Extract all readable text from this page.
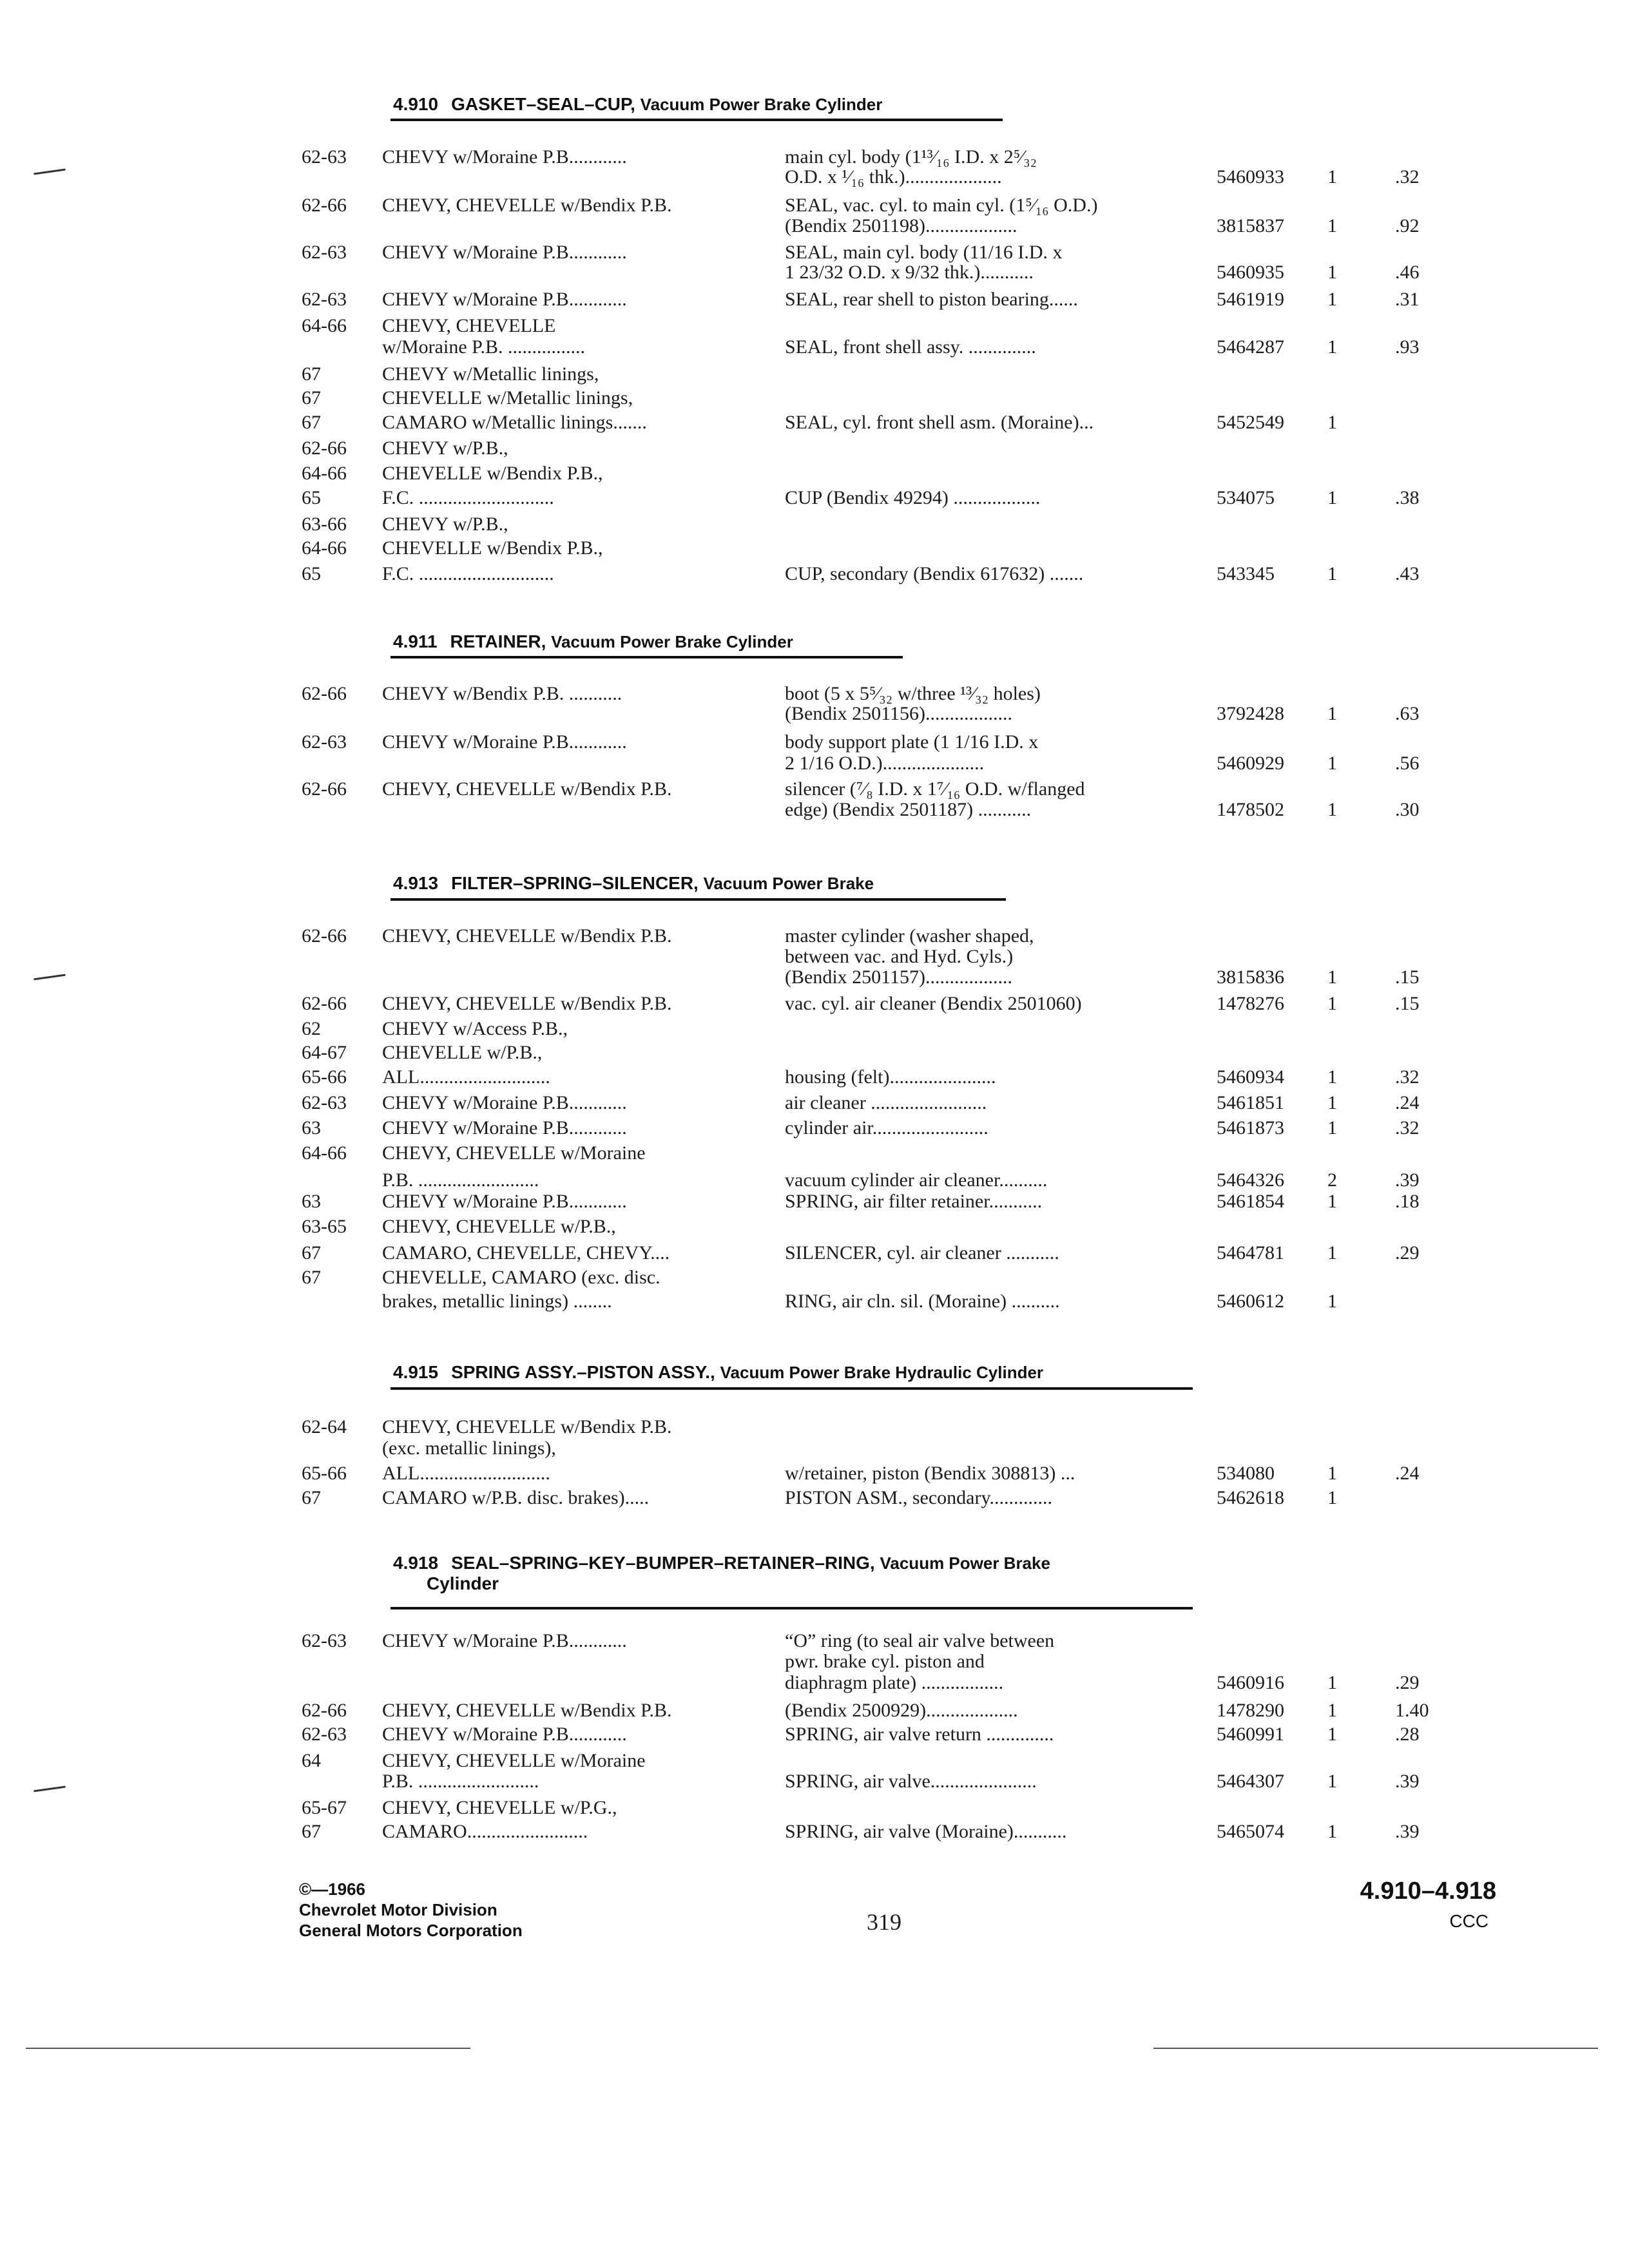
4.910 GASKET–SEAL–CUP, Vacuum Power Brake Cylinder
62-63 CHEVY w/Moraine P.B............	main cyl. body (1¹³⁄₁₆ I.D. x 2⁵⁄₃₂
O.D. x ¹⁄₁₆ thk.)....................	5460933 1	.32
62-66 CHEVY, CHEVELLE w/Bendix P.B.	SEAL, vac. cyl. to main cyl. (1⁵⁄₁₆ O.D.)
(Bendix 2501198)...................	3815837 1	.92
62-63 CHEVY w/Moraine P.B............	SEAL, main cyl. body (11/16 I.D. x
1 23/32 O.D. x 9/32 thk.)...........	5460935 1	.46
62-63 CHEVY w/Moraine P.B............	SEAL, rear shell to piston bearing......	5461919 1	.31
64-66 CHEVY, CHEVELLE
w/Moraine P.B. ................	SEAL, front shell assy. ..............	5464287 1	.93
67	CHEVY w/Metallic linings,
67	CHEVELLE w/Metallic linings,
67	CAMARO w/Metallic linings.......	SEAL, cyl. front shell asm. (Moraine)...	5452549 1
62-66 CHEVY w/P.B.,
64-66 CHEVELLE w/Bendix P.B.,
65	F.C. ............................	CUP (Bendix 49294) ..................	534075	1	.38
63-66 CHEVY w/P.B.,
64-66 CHEVELLE w/Bendix P.B.,
65	F.C. ............................	CUP, secondary (Bendix 617632) .......	543345	1	.43
4.911 RETAINER, Vacuum Power Brake Cylinder
62-66 CHEVY w/Bendix P.B. ...........	boot (5 x 5⁵⁄₃₂ w/three ¹³⁄₃₂ holes)
(Bendix 2501156)..................	3792428 1	.63
62-63 CHEVY w/Moraine P.B............	body support plate (1 1/16 I.D. x
2 1/16 O.D.).....................	5460929 1	.56
62-66 CHEVY, CHEVELLE w/Bendix P.B.	silencer (⁷⁄₈ I.D. x 1⁷⁄₁₆ O.D. w/flanged
edge) (Bendix 2501187) ...........	1478502 1	.30
4.913 FILTER–SPRING–SILENCER, Vacuum Power Brake
62-66 CHEVY, CHEVELLE w/Bendix P.B.	master cylinder (washer shaped,
between vac. and Hyd. Cyls.)
(Bendix 2501157)..................	3815836 1	.15
62-66 CHEVY, CHEVELLE w/Bendix P.B.	vac. cyl. air cleaner (Bendix 2501060)	1478276 1	.15
62	CHEVY w/Access P.B.,
64-67 CHEVELLE w/P.B.,
65-66 ALL...........................	housing (felt)......................	5460934 1	.32
62-63 CHEVY w/Moraine P.B............	air cleaner ........................	5461851 1	.24
63	CHEVY w/Moraine P.B............	cylinder air........................	5461873 1	.32
64-66 CHEVY, CHEVELLE w/Moraine
P.B. .........................	vacuum cylinder air cleaner..........	5464326 2	.39
63	CHEVY w/Moraine P.B............	SPRING, air filter retainer...........	5461854 1	.18
63-65 CHEVY, CHEVELLE w/P.B.,
67	CAMARO, CHEVELLE, CHEVY....	SILENCER, cyl. air cleaner ...........	5464781 1	.29
67	CHEVELLE, CAMARO (exc. disc.
brakes, metallic linings) ........	RING, air cln. sil. (Moraine) ..........	5460612 1
4.915 SPRING ASSY.–PISTON ASSY., Vacuum Power Brake Hydraulic Cylinder
62-64 CHEVY, CHEVELLE w/Bendix P.B.
(exc. metallic linings),
65-66 ALL...........................	w/retainer, piston (Bendix 308813) ...	534080	1	.24
67	CAMARO w/P.B. disc. brakes).....	PISTON ASM., secondary.............	5462618 1
4.918 SEAL–SPRING–KEY–BUMPER–RETAINER–RING, Vacuum Power Brake
Cylinder
62-63 CHEVY w/Moraine P.B............	“O” ring (to seal air valve between
pwr. brake cyl. piston and
diaphragm plate) .................	5460916 1	.29
62-66 CHEVY, CHEVELLE w/Bendix P.B.	(Bendix 2500929)...................	1478290 1	1.40
62-63 CHEVY w/Moraine P.B............	SPRING, air valve return ..............	5460991 1	.28
64	CHEVY, CHEVELLE w/Moraine
P.B. .........................	SPRING, air valve......................	5464307 1	.39
65-67 CHEVY, CHEVELLE w/P.G.,
67	CAMARO.........................	SPRING, air valve (Moraine)...........	5465074 1	.39
©—1966
Chevrolet Motor Division
General Motors Corporation	319
4.910–4.918
CCC
